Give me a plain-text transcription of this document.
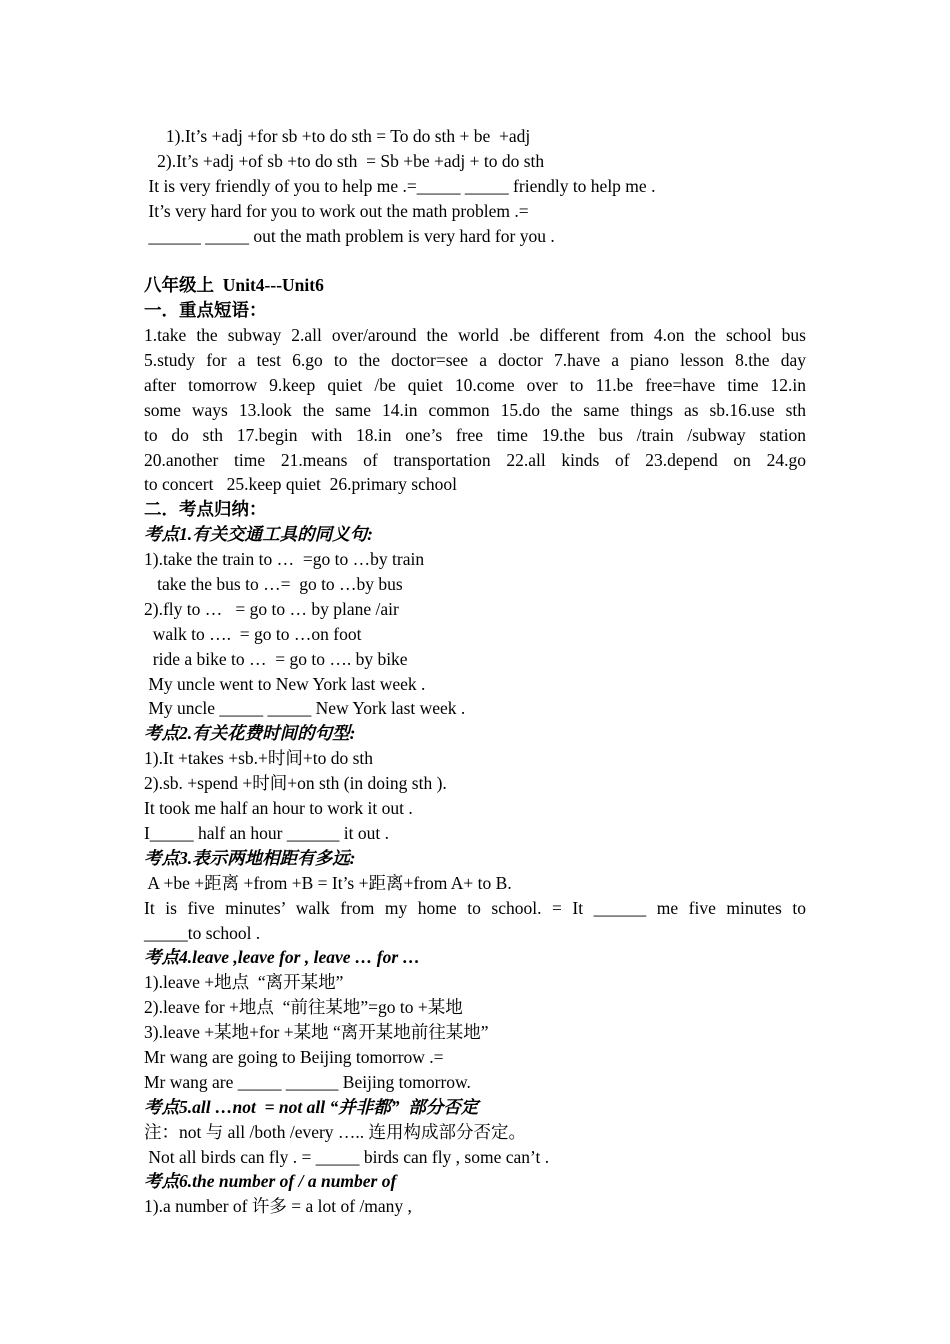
1).It’s +adj +for sb +to do sth = To do sth + be  +adj
2).It’s +adj +of sb +to do sth  = Sb +be +adj + to do sth
It is very friendly of you to help me .=_____ _____ friendly to help me .
It’s very hard for you to work out the math problem .=
______ _____ out the math problem is very hard for you .
八年级上  Unit4---Unit6
一．重点短语：
1.take the subway 2.all over/around the world .be different from 4.on the school bus
5.study for a test 6.go to the doctor=see a doctor 7.have a piano lesson 8.the day
after tomorrow 9.keep quiet /be quiet 10.come over to 11.be free=have time 12.in
some ways 13.look the same 14.in common 15.do the same things as sb.16.use sth
to do sth 17.begin with 18.in one’s free time 19.the bus /train /subway station
20.another time 21.means of transportation 22.all kinds of 23.depend on 24.go
to concert   25.keep quiet  26.primary school
二．考点归纳：
考点1.有关交通工具的同义句:
1).take the train to …  =go to …by train
take the bus to …=  go to …by bus
2).fly to …   = go to … by plane /air
walk to ….  = go to …on foot
ride a bike to …  = go to …. by bike
My uncle went to New York last week .
My uncle _____ _____ New York last week .
考点2.有关花费时间的句型:
1).It +takes +sb.+时间+to do sth
2).sb. +spend +时间+on sth (in doing sth ).
It took me half an hour to work it out .
I_____ half an hour ______ it out .
考点3.表示两地相距有多远:
A +be +距离 +from +B = It’s +距离+from A+ to B.
It is five minutes’ walk from my home to school. = It ______ me five minutes to
_____to school .
考点4.leave ,leave for , leave … for …
1).leave +地点  “离开某地”
2).leave for +地点  “前往某地”=go to +某地
3).leave +某地+for +某地 “离开某地前往某地”
Mr wang are going to Beijing tomorrow .=
Mr wang are _____ ______ Beijing tomorrow.
考点5.all …not  = not all “并非都”  部分否定
注：not 与 all /both /every ….. 连用构成部分否定。
Not all birds can fly . = _____ birds can fly , some can’t .
考点6.the number of / a number of
1).a number of 许多 = a lot of /many ,
